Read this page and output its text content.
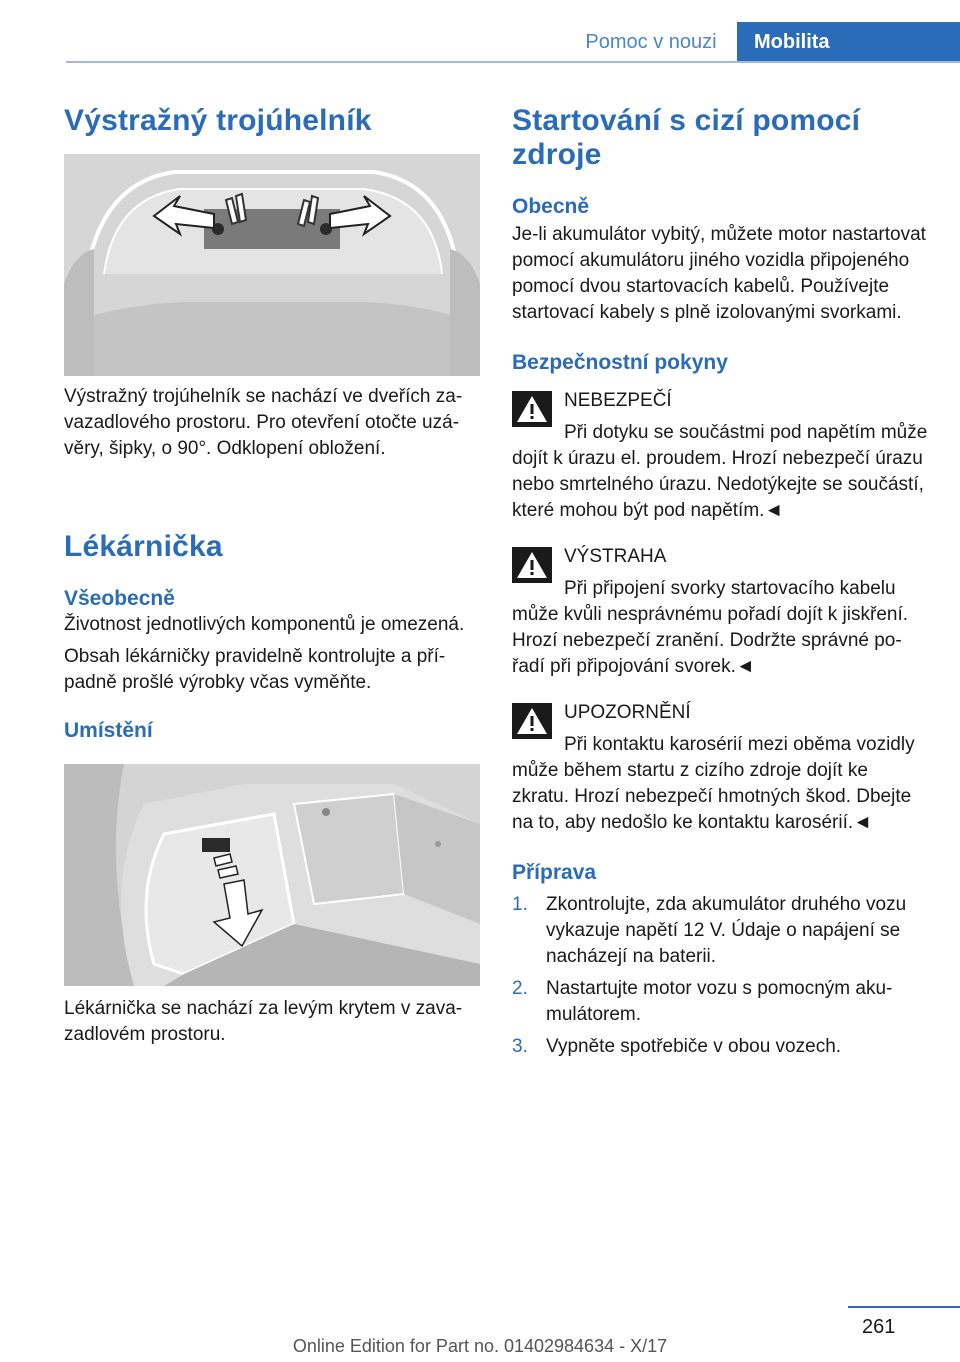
Pomoc v nouzi	Mobilita
Výstražný trojúhelník

Výstražný trojúhelník se nachází ve dveřích zavazadlového prostoru. Pro otevření otočte uzávěry, šipky, o 90°. Odklopení obložení.

Lékárnička
Všeobecně

Životnost jednotlivých komponentů je omezená.

Obsah lékárničky pravidelně kontrolujte a případně prošlé výrobky včas vyměňte.

Umístění

Lékárnička se nachází za levým krytem v zavazadlovém prostoru.

Startování s cizí pomocí zdroje
Obecně

Je-li akumulátor vybitý, můžete motor nastartovat pomocí akumulátoru jiného vozidla připojeného pomocí dvou startovacích kabelů. Používejte startovací kabely s plně izolovanými svorkami.

Bezpečnostní pokyny

NEBEZPEČÍ

Při dotyku se součástmi pod napětím může dojít k úrazu el. proudem. Hrozí nebezpečí úrazu nebo smrtelného úrazu. Nedotýkejte se součástí, které mohou být pod napětím.◄

VÝSTRAHA

Při připojení svorky startovacího kabelu může kvůli nesprávnému pořadí dojít k jiskření. Hrozí nebezpečí zranění. Dodržte správné pořadí při připojování svorek.◄

UPOZORNĚNÍ

Při kontaktu karosérií mezi oběma vozidly může během startu z cizího zdroje dojít ke zkratu. Hrozí nebezpečí hmotných škod. Dbejte na to, aby nedošlo ke kontaktu karosérií.◄

Příprava
1. Zkontrolujte, zda akumulátor druhého vozu vykazuje napětí 12 V. Údaje o napájení se nacházejí na baterii.
2. Nastartujte motor vozu s pomocným akumulátorem.
3. Vypněte spotřebiče v obou vozech.
261
Online Edition for Part no. 01402984634 - X/17
